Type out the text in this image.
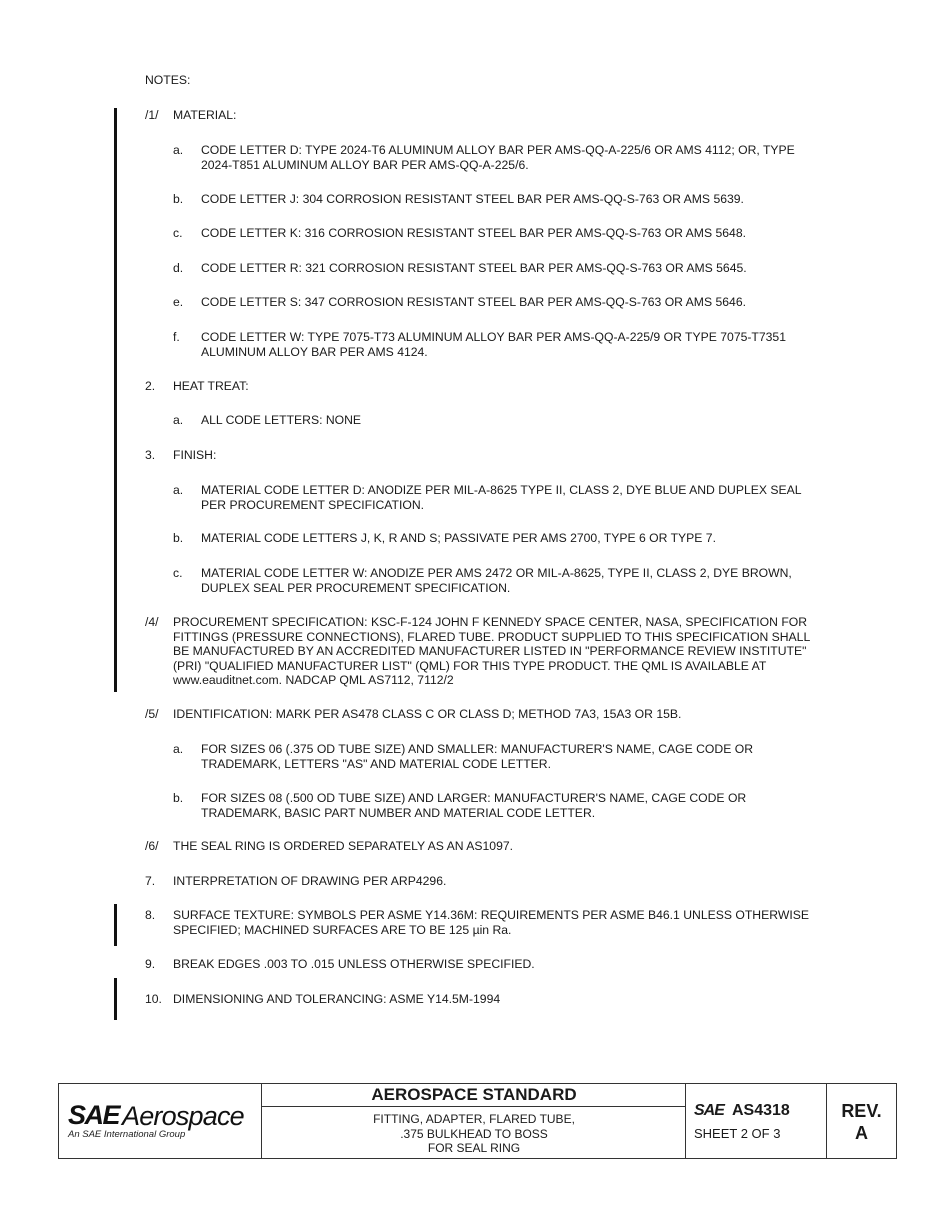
NOTES:
/1/ MATERIAL:
a. CODE LETTER D: TYPE 2024-T6 ALUMINUM ALLOY BAR PER AMS-QQ-A-225/6 OR AMS 4112; OR, TYPE
2024-T851 ALUMINUM ALLOY BAR PER AMS-QQ-A-225/6.
b. CODE LETTER J: 304 CORROSION RESISTANT STEEL BAR PER AMS-QQ-S-763 OR AMS 5639.
c. CODE LETTER K: 316 CORROSION RESISTANT STEEL BAR PER AMS-QQ-S-763 OR AMS 5648.
d. CODE LETTER R: 321 CORROSION RESISTANT STEEL BAR PER AMS-QQ-S-763 OR AMS 5645.
e. CODE LETTER S: 347 CORROSION RESISTANT STEEL BAR PER AMS-QQ-S-763 OR AMS 5646.
f. CODE LETTER W: TYPE 7075-T73 ALUMINUM ALLOY BAR PER AMS-QQ-A-225/9 OR TYPE 7075-T7351
ALUMINUM ALLOY BAR PER AMS 4124.
2. HEAT TREAT:
a. ALL CODE LETTERS: NONE
3. FINISH:
a. MATERIAL CODE LETTER D: ANODIZE PER MIL-A-8625 TYPE II, CLASS 2, DYE BLUE AND DUPLEX SEAL
PER PROCUREMENT SPECIFICATION.
b. MATERIAL CODE LETTERS J, K, R AND S; PASSIVATE PER AMS 2700, TYPE 6 OR TYPE 7.
c. MATERIAL CODE LETTER W: ANODIZE PER AMS 2472 OR MIL-A-8625, TYPE II, CLASS 2, DYE BROWN,
DUPLEX SEAL PER PROCUREMENT SPECIFICATION.
/4/ PROCUREMENT SPECIFICATION: KSC-F-124 JOHN F KENNEDY SPACE CENTER, NASA, SPECIFICATION FOR
FITTINGS (PRESSURE CONNECTIONS), FLARED TUBE. PRODUCT SUPPLIED TO THIS SPECIFICATION SHALL
BE MANUFACTURED BY AN ACCREDITED MANUFACTURER LISTED IN "PERFORMANCE REVIEW INSTITUTE"
(PRI) "QUALIFIED MANUFACTURER LIST" (QML) FOR THIS TYPE PRODUCT. THE QML IS AVAILABLE AT
www.eauditnet.com. NADCAP QML AS7112, 7112/2
/5/ IDENTIFICATION: MARK PER AS478 CLASS C OR CLASS D; METHOD 7A3, 15A3 OR 15B.
a. FOR SIZES 06 (.375 OD TUBE SIZE) AND SMALLER: MANUFACTURER'S NAME, CAGE CODE OR
TRADEMARK, LETTERS "AS" AND MATERIAL CODE LETTER.
b. FOR SIZES 08 (.500 OD TUBE SIZE) AND LARGER: MANUFACTURER'S NAME, CAGE CODE OR
TRADEMARK, BASIC PART NUMBER AND MATERIAL CODE LETTER.
/6/ THE SEAL RING IS ORDERED SEPARATELY AS AN AS1097.
7. INTERPRETATION OF DRAWING PER ARP4296.
8. SURFACE TEXTURE: SYMBOLS PER ASME Y14.36M: REQUIREMENTS PER ASME B46.1 UNLESS OTHERWISE
SPECIFIED; MACHINED SURFACES ARE TO BE 125 µin Ra.
9. BREAK EDGES .003 TO .015 UNLESS OTHERWISE SPECIFIED.
10. DIMENSIONING AND TOLERANCING: ASME Y14.5M-1994
SAE Aerospace
An SAE International Group
AEROSPACE STANDARD
FITTING, ADAPTER, FLARED TUBE,
.375 BULKHEAD TO BOSS
FOR SEAL RING
SAE AS4318
SHEET 2 OF 3
REV.
A
